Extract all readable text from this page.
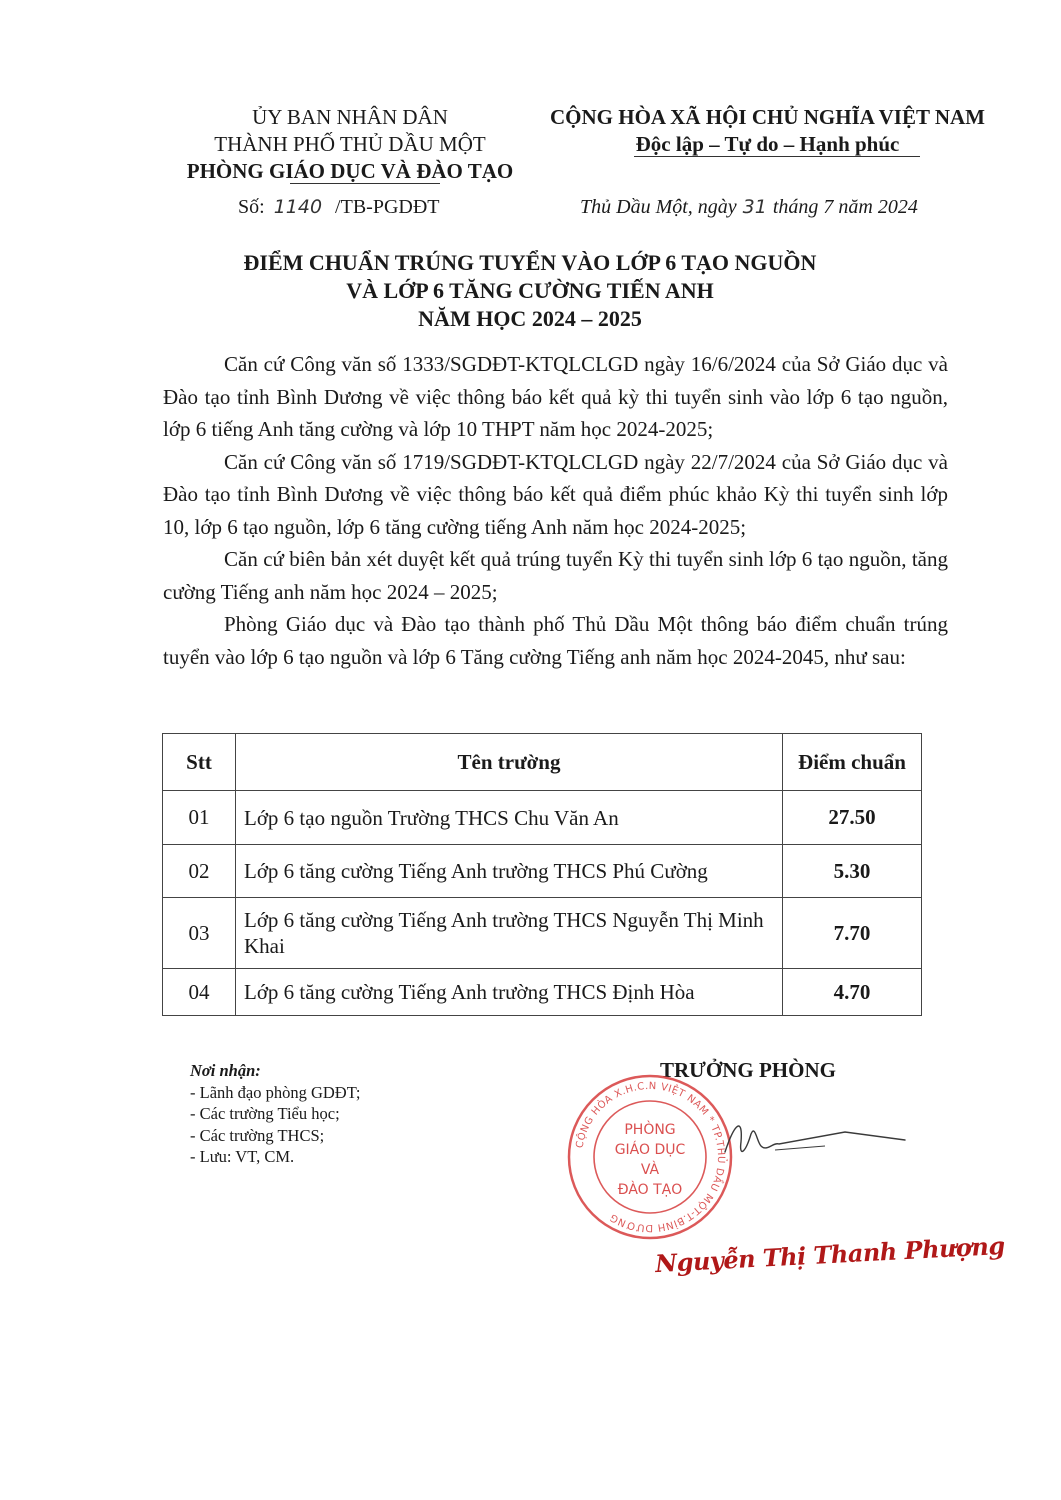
ỦY BAN NHÂN DÂN
THÀNH PHỐ THỦ DẦU MỘT
PHÒNG GIÁO DỤC VÀ ĐÀO TẠO
CỘNG HÒA XÃ HỘI CHỦ NGHĨA VIỆT NAM
Độc lập – Tự do – Hạnh phúc
Số: 1140 /TB-PGDĐT	Thủ Dầu Một, ngày 31 tháng 7 năm 2024
ĐIỂM CHUẨN TRÚNG TUYỂN VÀO LỚP 6 TẠO NGUỒN
VÀ LỚP 6 TĂNG CƯỜNG TIẾN ANH
NĂM HỌC 2024 – 2025

Căn cứ Công văn số 1333/SGDĐT-KTQLCLGD ngày 16/6/2024 của Sở Giáo dục và Đào tạo tỉnh Bình Dương về việc thông báo kết quả kỳ thi tuyển sinh vào lớp 6 tạo nguồn, lớp 6 tiếng Anh tăng cường và lớp 10 THPT năm học 2024-2025;

Căn cứ Công văn số 1719/SGDĐT-KTQLCLGD ngày 22/7/2024 của Sở Giáo dục và Đào tạo tỉnh Bình Dương về việc thông báo kết quả điểm phúc khảo Kỳ thi tuyển sinh lớp 10, lớp 6 tạo nguồn, lớp 6 tăng cường tiếng Anh năm học 2024-2025;

Căn cứ biên bản xét duyệt kết quả trúng tuyển Kỳ thi tuyển sinh lớp 6 tạo nguồn, tăng cường Tiếng anh năm học 2024 – 2025;

Phòng Giáo dục và Đào tạo thành phố Thủ Dầu Một thông báo điểm chuẩn trúng tuyển vào lớp 6 tạo nguồn và lớp 6 Tăng cường Tiếng anh năm học 2024-2045, như sau:

Stt	Tên trường	Điểm chuẩn
01	Lớp 6 tạo nguồn Trường THCS Chu Văn An	27.50
02	Lớp 6 tăng cường Tiếng Anh trường THCS Phú Cường	5.30
03	Lớp 6 tăng cường Tiếng Anh trường THCS Nguyễn Thị Minh Khai	7.70
04	Lớp 6 tăng cường Tiếng Anh trường THCS Định Hòa	4.70
Nơi nhận:
- Lãnh đạo phòng GDĐT;
- Các trường Tiểu học;
- Các trường THCS;
- Lưu: VT, CM.
TRƯỞNG PHÒNG
CỘNG HÒA X.H.C.N VIỆT NAM * TP.THỦ DẦU MỘT-T.BÌNH DƯƠNG
PHÒNG
GIÁO DỤC
VÀ
ĐÀO TẠO
Nguyễn Thị Thanh Phượng
